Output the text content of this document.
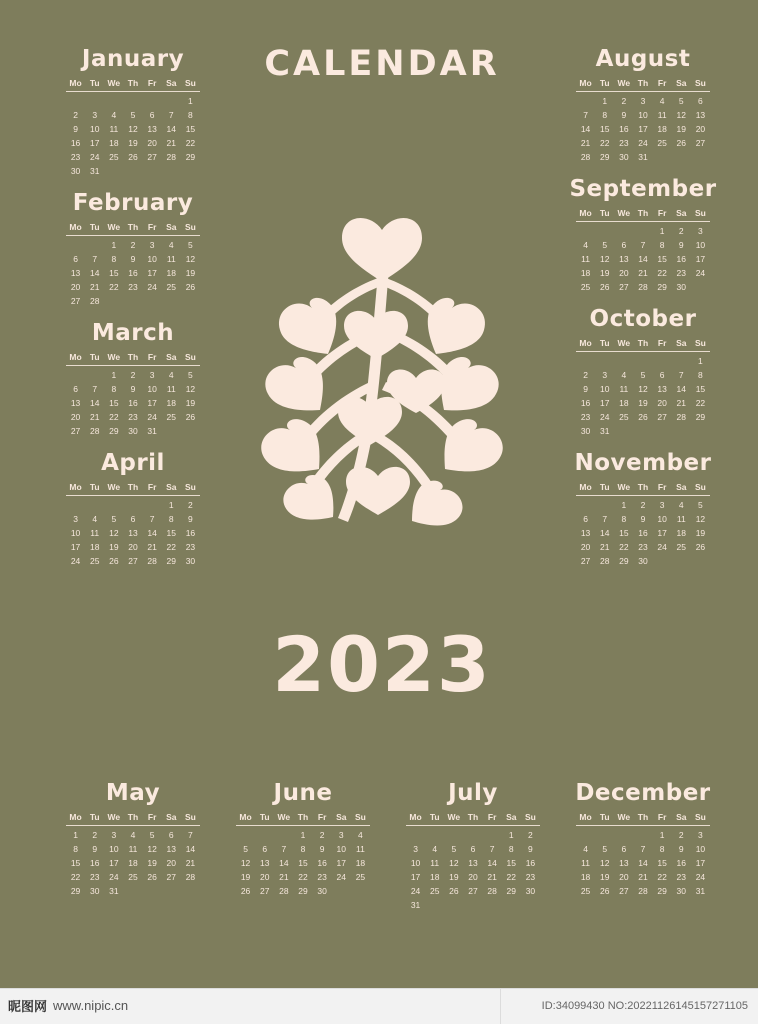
CALENDAR
January
Mo	Tu	We	Th	Fr	Sa	Su
						1
2	3	4	5	6	7	8
9	10	11	12	13	14	15
16	17	18	19	20	21	22
23	24	25	26	27	28	29
30	31					
February
Mo	Tu	We	Th	Fr	Sa	Su
		1	2	3	4	5
6	7	8	9	10	11	12
13	14	15	16	17	18	19
20	21	22	23	24	25	26
27	28					
March
Mo	Tu	We	Th	Fr	Sa	Su
		1	2	3	4	5
6	7	8	9	10	11	12
13	14	15	16	17	18	19
20	21	22	23	24	25	26
27	28	29	30	31		
April
Mo	Tu	We	Th	Fr	Sa	Su
					1	2
3	4	5	6	7	8	9
10	11	12	13	14	15	16
17	18	19	20	21	22	23
24	25	26	27	28	29	30
August
Mo	Tu	We	Th	Fr	Sa	Su
	1	2	3	4	5	6
7	8	9	10	11	12	13
14	15	16	17	18	19	20
21	22	23	24	25	26	27
28	29	30	31			
September
Mo	Tu	We	Th	Fr	Sa	Su
				1	2	3
4	5	6	7	8	9	10
11	12	13	14	15	16	17
18	19	20	21	22	23	24
25	26	27	28	29	30	
October
Mo	Tu	We	Th	Fr	Sa	Su
						1
2	3	4	5	6	7	8
9	10	11	12	13	14	15
16	17	18	19	20	21	22
23	24	25	26	27	28	29
30	31					
November
Mo	Tu	We	Th	Fr	Sa	Su
		1	2	3	4	5
6	7	8	9	10	11	12
13	14	15	16	17	18	19
20	21	22	23	24	25	26
27	28	29	30			
May
Mo	Tu	We	Th	Fr	Sa	Su
1	2	3	4	5	6	7
8	9	10	11	12	13	14
15	16	17	18	19	20	21
22	23	24	25	26	27	28
29	30	31				
June
Mo	Tu	We	Th	Fr	Sa	Su
			1	2	3	4
5	6	7	8	9	10	11
12	13	14	15	16	17	18
19	20	21	22	23	24	25
26	27	28	29	30		
July
Mo	Tu	We	Th	Fr	Sa	Su
					1	2
3	4	5	6	7	8	9
10	11	12	13	14	15	16
17	18	19	20	21	22	23
24	25	26	27	28	29	30
31						
December
Mo	Tu	We	Th	Fr	Sa	Su
				1	2	3
4	5	6	7	8	9	10
11	12	13	14	15	16	17
18	19	20	21	22	23	24
25	26	27	28	29	30	31
2023
昵图网 www.nipic.cn	ID:34099430 NO:20221126145157271105
